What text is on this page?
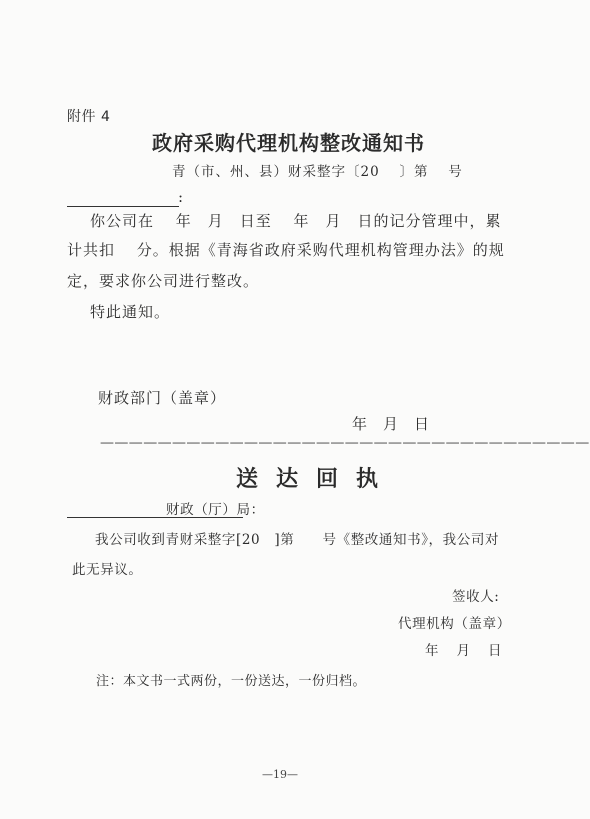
附件 4
政府采购代理机构整改通知书
青（市、州、县）财采整字〔20　 〕第　 号
:
你公司在　 年　月　日至　 年　月　日的记分管理中，累
计共扣　 分。根据《青海省政府采购代理机构管理办法》的规
定，要求你公司进行整改。
特此通知。
财政部门（盖章）
年 月 日
——————————————————————————————————
送达回执
财政（厅）局：
我公司收到青财采整字[20　]第　　号《整改通知书》，我公司对
此无异议。
签收人:
代理机构（盖章）
年 月 日
注：本文书一式两份，一份送达，一份归档。
—19—
